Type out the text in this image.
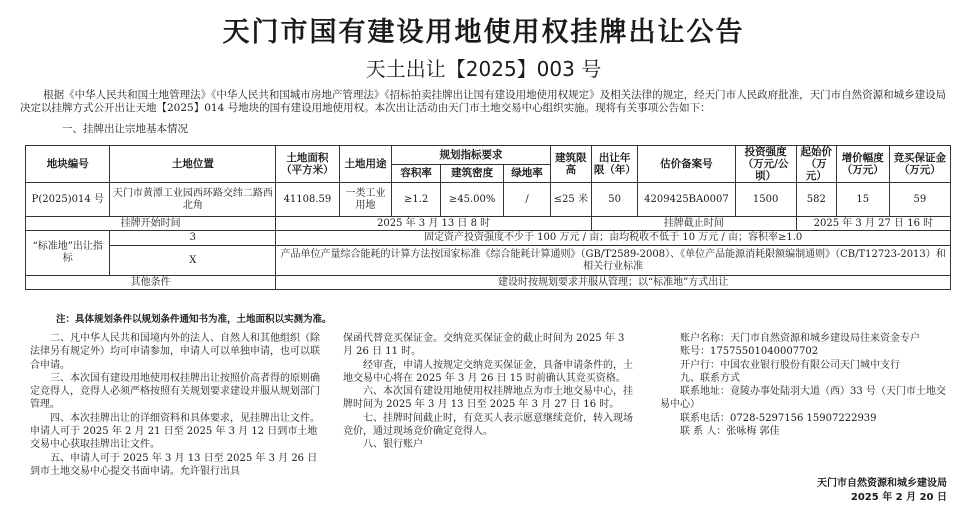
天门市国有建设用地使用权挂牌出让公告
天土出让【2025】003 号
根据《中华人民共和国土地管理法》《中华人民共和国城市房地产管理法》《招标拍卖挂牌出让国有建设用地使用权规定》及相关法律的规定，经天门市人民政府批准，天门市自然资源和城乡建设局决定以挂牌方式公开出让天地【2025】014 号地块的国有建设用地使用权。本次出让活动由天门市土地交易中心组织实施。现将有关事项公告如下：
一、挂牌出让宗地基本情况
地块编号	土地位置	土地面积（平方米）	土地用途	规划指标要求			建筑限高	出让年限（年）	估价备案号	投资强度（万元/公顷）	起始价（万元）	增价幅度（万元）	竞买保证金（万元）
				容积率	建筑密度	绿地率							
P(2025)014 号	天门市黄潭工业园西环路交纬二路西北角	41108.59	一类工业用地	≥1.2	≥45.00%	/	≤25 米	50	4209425BA0007	1500	582	15	59
挂牌开始时间		2025 年 3 月 13 日 8 时						挂牌截止时间			2025 年 3 月 27 日 16 时		
“标准地”出让指标	3	固定资产投资强度不少于 100 万元 / 亩；亩均税收不低于 10 万元 / 亩；容积率≥1.0											
	X	产品单位产量综合能耗的计算方法按国家标准《综合能耗计算通则》（GB/T2589-2008）、《单位产品能源消耗限额编制通则》（CB/T12723-2013）和相关行业标准											
其他条件		建设时按规划要求并服从管理；以“标准地”方式出让											
注：具体规划条件以规划条件通知书为准，土地面积以实测为准。

二、凡中华人民共和国境内外的法人、自然人和其他组织（除法律另有规定外）均可申请参加，申请人可以单独申请，也可以联合申请。

三、本次国有建设用地使用权挂牌出让按照价高者得的原则确定竞得人，竞得人必须严格按照有关规划要求建设并服从规划部门管理。

四、本次挂牌出让的详细资料和具体要求，见挂牌出让文件。申请人可于 2025 年 2 月 21 日至 2025 年 3 月 12 日到市土地交易中心获取挂牌出让文件。

五、申请人可于 2025 年 3 月 13 日至 2025 年 3 月 26 日到市土地交易中心提交书面申请。允许银行出具

保函代替竞买保证金。交纳竞买保证金的截止时间为 2025 年 3 月 26 日 11 时。

经审查，申请人按规定交纳竞买保证金，具备申请条件的，土地交易中心将在 2025 年 3 月 26 日 15 时前确认其竞买资格。

六、本次国有建设用地使用权挂牌地点为市土地交易中心，挂牌时间为 2025 年 3 月 13 日至 2025 年 3 月 27 日 16 时。

七、挂牌时间截止时，有竞买人表示愿意继续竞价，转入现场竞价，通过现场竞价确定竞得人。

八、银行账户

账户名称：天门市自然资源和城乡建设局往来资金专户

账号：17575501040007702

开户行：中国农业银行股份有限公司天门城中支行

九、联系方式

联系地址：竟陵办事处陆羽大道（西）33 号（天门市土地交易中心）

联系电话：0728-5297156 15907222939

联 系 人：张咏梅 郭佳

天门市自然资源和城乡建设局
2025 年 2 月 20 日
